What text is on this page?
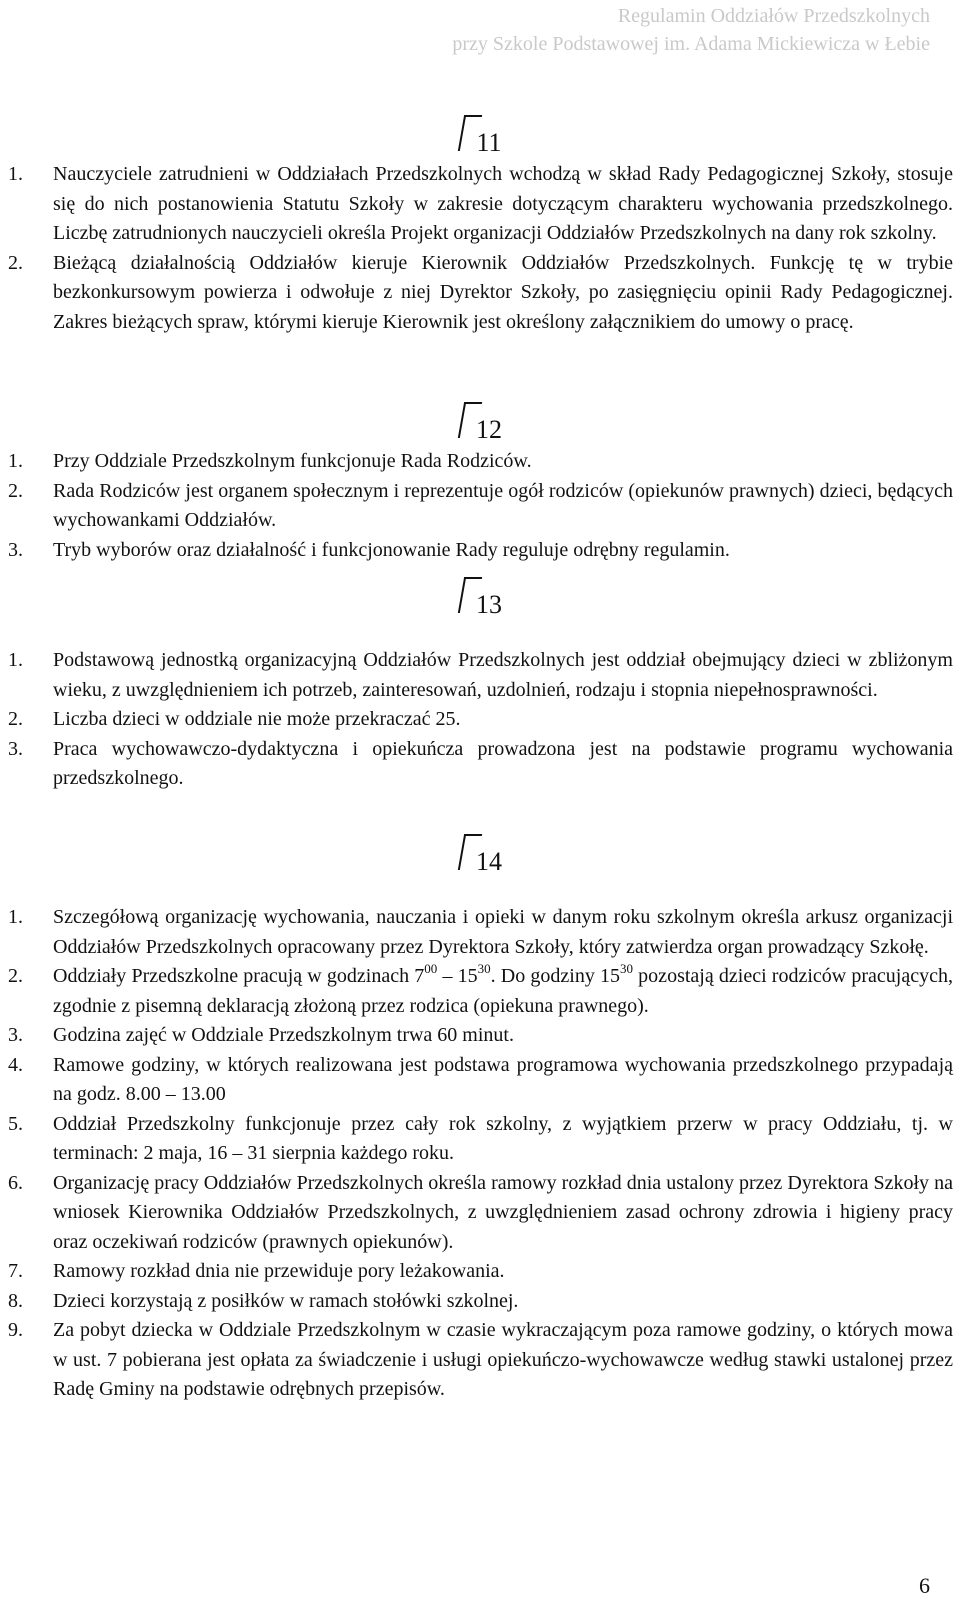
Regulamin Oddziałów Przedszkolnych
przy Szkole Podstawowej im. Adama Mickiewicza w Łebie
11
1. Nauczyciele zatrudnieni w Oddziałach Przedszkolnych wchodzą w skład Rady Pedagogicznej Szkoły, stosuje się do nich postanowienia Statutu Szkoły w zakresie dotyczącym charakteru wychowania przedszkolnego. Liczbę zatrudnionych nauczycieli określa Projekt organizacji Oddziałów Przedszkolnych na dany rok szkolny.
2. Bieżącą działalnością Oddziałów kieruje Kierownik Oddziałów Przedszkolnych. Funkcję tę w trybie bezkonkursowym powierza i odwołuje z niej Dyrektor Szkoły, po zasięgnięciu opinii Rady Pedagogicznej. Zakres bieżących spraw, którymi kieruje Kierownik jest określony załącznikiem do umowy o pracę.
12
1. Przy Oddziale Przedszkolnym funkcjonuje Rada Rodziców.
2. Rada Rodziców jest organem społecznym i reprezentuje ogół rodziców (opiekunów prawnych) dzieci, będących wychowankami Oddziałów.
3. Tryb wyborów oraz działalność i funkcjonowanie Rady reguluje odrębny regulamin.
13
1. Podstawową jednostką organizacyjną Oddziałów Przedszkolnych jest oddział obejmujący dzieci w zbliżonym wieku, z uwzględnieniem ich potrzeb, zainteresowań, uzdolnień, rodzaju i stopnia niepełnosprawności.
2. Liczba dzieci w oddziale nie może przekraczać 25.
3. Praca wychowawczo-dydaktyczna i opiekuńcza prowadzona jest na podstawie programu wychowania przedszkolnego.
14
1. Szczegółową organizację wychowania, nauczania i opieki w danym roku szkolnym określa arkusz organizacji Oddziałów Przedszkolnych opracowany przez Dyrektora Szkoły, który zatwierdza organ prowadzący Szkołę.
2. Oddziały Przedszkolne pracują w godzinach $7^{00} - 15^{30}$. Do godziny $15^{30}$ pozostają dzieci rodziców pracujących, zgodnie z pisemną deklaracją złożoną przez rodzica (opiekuna prawnego).
3. Godzina zajęć w Oddziale Przedszkolnym trwa 60 minut.
4. Ramowe godziny, w których realizowana jest podstawa programowa wychowania przedszkolnego przypadają na godz. 8.00 – 13.00
5. Oddział Przedszkolny funkcjonuje przez cały rok szkolny, z wyjątkiem przerw w pracy Oddziału, tj. w terminach: 2 maja, 16 – 31 sierpnia każdego roku.
6. Organizację pracy Oddziałów Przedszkolnych określa ramowy rozkład dnia ustalony przez Dyrektora Szkoły na wniosek Kierownika Oddziałów Przedszkolnych, z uwzględnieniem zasad ochrony zdrowia i higieny pracy oraz oczekiwań rodziców (prawnych opiekunów).
7. Ramowy rozkład dnia nie przewiduje pory leżakowania.
8. Dzieci korzystają z posiłków w ramach stołówki szkolnej.
9. Za pobyt dziecka w Oddziale Przedszkolnym w czasie wykraczającym poza ramowe godziny, o których mowa w ust. 7 pobierana jest opłata za świadczenie i usługi opiekuńczo-wychowawcze według stawki ustalonej przez Radę Gminy na podstawie odrębnych przepisów.
6
